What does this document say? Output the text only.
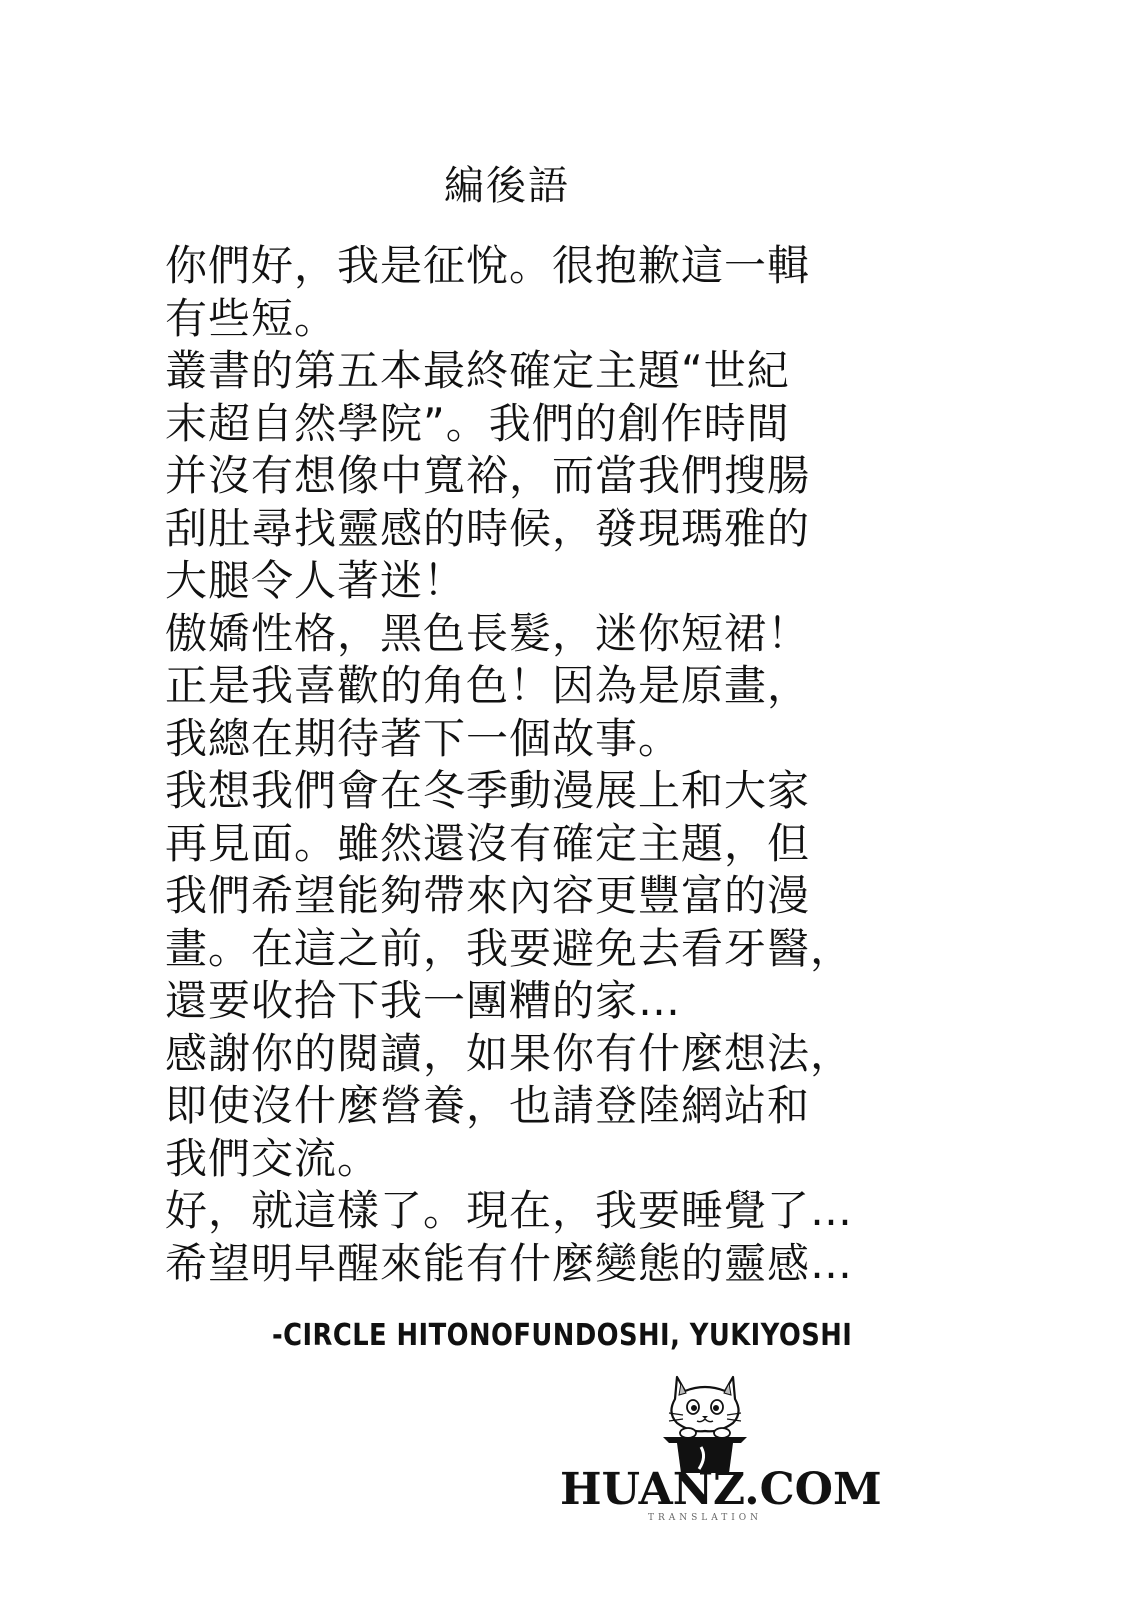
編後語
你們好，我是征悅。很抱歉這一輯
有些短。
叢書的第五本最終確定主題“世紀
末超自然學院”。我們的創作時間
并沒有想像中寬裕，而當我們搜腸
刮肚尋找靈感的時候，發現瑪雅的
大腿令人著迷！
傲嬌性格，黑色長髮，迷你短裙！
正是我喜歡的角色！因為是原畫，
我總在期待著下一個故事。
我想我們會在冬季動漫展上和大家
再見面。雖然還沒有確定主題，但
我們希望能夠帶來內容更豐富的漫
畫。在這之前，我要避免去看牙醫，
還要收拾下我一團糟的家…
感謝你的閱讀，如果你有什麼想法，
即使沒什麼營養，也請登陸網站和
我們交流。
好，就這樣了。現在，我要睡覺了…
希望明早醒來能有什麼變態的靈感…
-CIRCLE HITONOFUNDOSHI, YUKIYOSHI
HUANZ.COM
TRANSLATION
